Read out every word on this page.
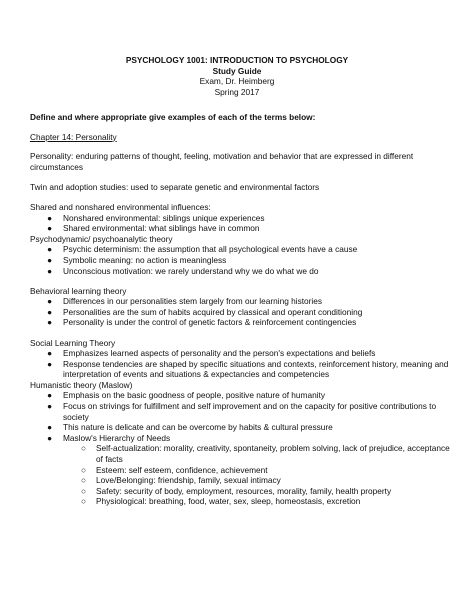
PSYCHOLOGY 1001: INTRODUCTION TO PSYCHOLOGY
Study Guide
Exam, Dr. Heimberg
Spring 2017

Define and where appropriate give examples of each of the terms below:

Chapter 14: Personality

Personality: enduring patterns of thought, feeling, motivation and behavior that are expressed in different circumstances

Twin and adoption studies: used to separate genetic and environmental factors

Shared and nonshared environmental influences:

● Nonshared environmental: siblings unique experiences
● Shared environmental: what siblings have in common

Psychodynamic/ psychoanalytic theory

● Psychic determinism: the assumption that all psychological events have a cause
● Symbolic meaning: no action is meaningless
● Unconscious motivation: we rarely understand why we do what we do

Behavioral learning theory

● Differences in our personalities stem largely from our learning histories
● Personalities are the sum of habits acquired by classical and operant conditioning
● Personality is under the control of genetic factors & reinforcement contingencies

Social Learning Theory

● Emphasizes learned aspects of personality and the person's expectations and beliefs
● Response tendencies are shaped by specific situations and contexts, reinforcement history, meaning and interpretation of events and situations & expectancies and competencies

Humanistic theory (Maslow)

● Emphasis on the basic goodness of people, positive nature of humanity
● Focus on strivings for fulfillment and self improvement and on the capacity for positive contributions to society
● This nature is delicate and can be overcome by habits & cultural pressure
● Maslow's Hierarchy of Needs
○ Self-actualization: morality, creativity, spontaneity, problem solving, lack of prejudice, acceptance of facts
○ Esteem: self esteem, confidence, achievement
○ Love/Belonging: friendship, family, sexual intimacy
○ Safety: security of body, employment, resources, morality, family, health property
○ Physiological: breathing, food, water, sex, sleep, homeostasis, excretion
